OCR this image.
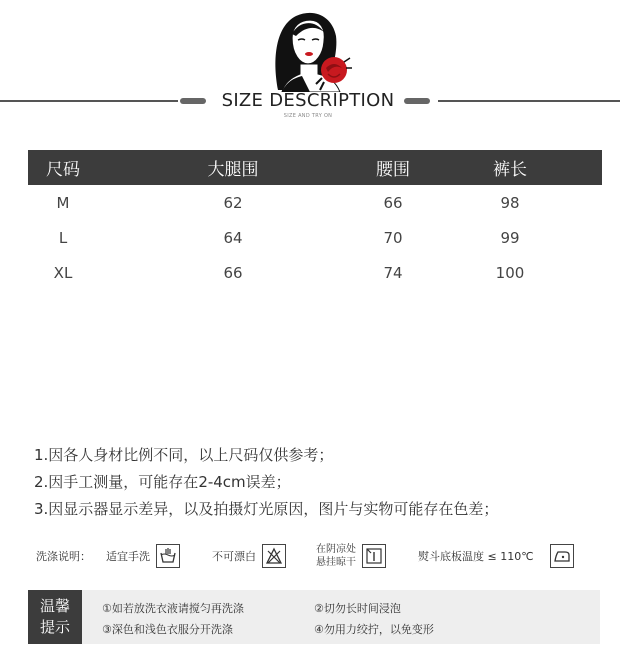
SIZE DESCRIPTION
SIZE AND TRY ON
尺码	大腿围	腰围	裤长
M	62	66	98
L	64	70	99
XL	66	74	100
1.因各人身材比例不同，以上尺码仅供参考；
2.因手工测量，可能存在2-4cm误差；
3.因显示器显示差异，以及拍摄灯光原因，图片与实物可能存在色差；
洗涤说明： 适宜手洗	不可漂白
在阴凉处
悬挂晾干	熨斗底板温度 ≤ 110℃
温馨
提示
①如若放洗衣液请搅匀再洗涤	②切勿长时间浸泡
③深色和浅色衣服分开洗涤	④勿用力绞拧，以免变形
